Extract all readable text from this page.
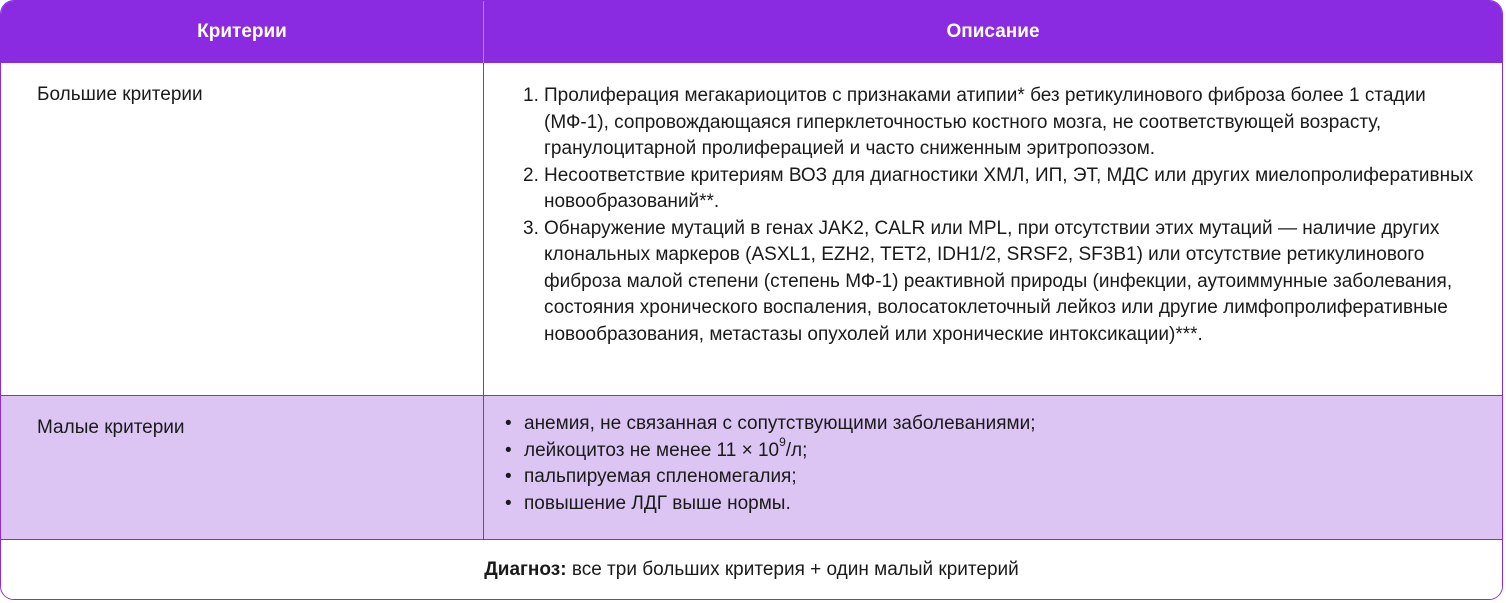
Критерии	Описание
Большие критерии	1. Пролиферация мегакариоцитов с признаками атипии* без ретикулинового фиброза более 1 стадии (МФ-1), сопровождающаяся гиперклеточностью костного мозга, не соответствующей возрасту, гранулоцитарной пролиферацией и часто сниженным эритропоэзом.
2. Несоответствие критериям ВОЗ для диагностики ХМЛ, ИП, ЭТ, МДС или других миелопролиферативных новообразований**.
3. Обнаружение мутаций в генах JAK2, CALR или MPL, при отсутствии этих мутаций — наличие других клональных маркеров (ASXL1, EZH2, TET2, IDH1/2, SRSF2, SF3B1) или отсутствие ретикулинового фиброза малой степени (степень МФ-1) реактивной природы (инфекции, аутоиммунные заболевания, состояния хронического воспаления, волосатоклеточный лейкоз или другие лимфопролиферативные новообразования, метастазы опухолей или хронические интоксикации)***.
Малые критерии	• анемия, не связанная с сопутствующими заболеваниями;
• лейкоцитоз не менее $11 \times 10^9/л$;
• пальпируемая спленомегалия;
• повышение ЛДГ выше нормы.
Диагноз: все три больших критерия + один малый критерий
